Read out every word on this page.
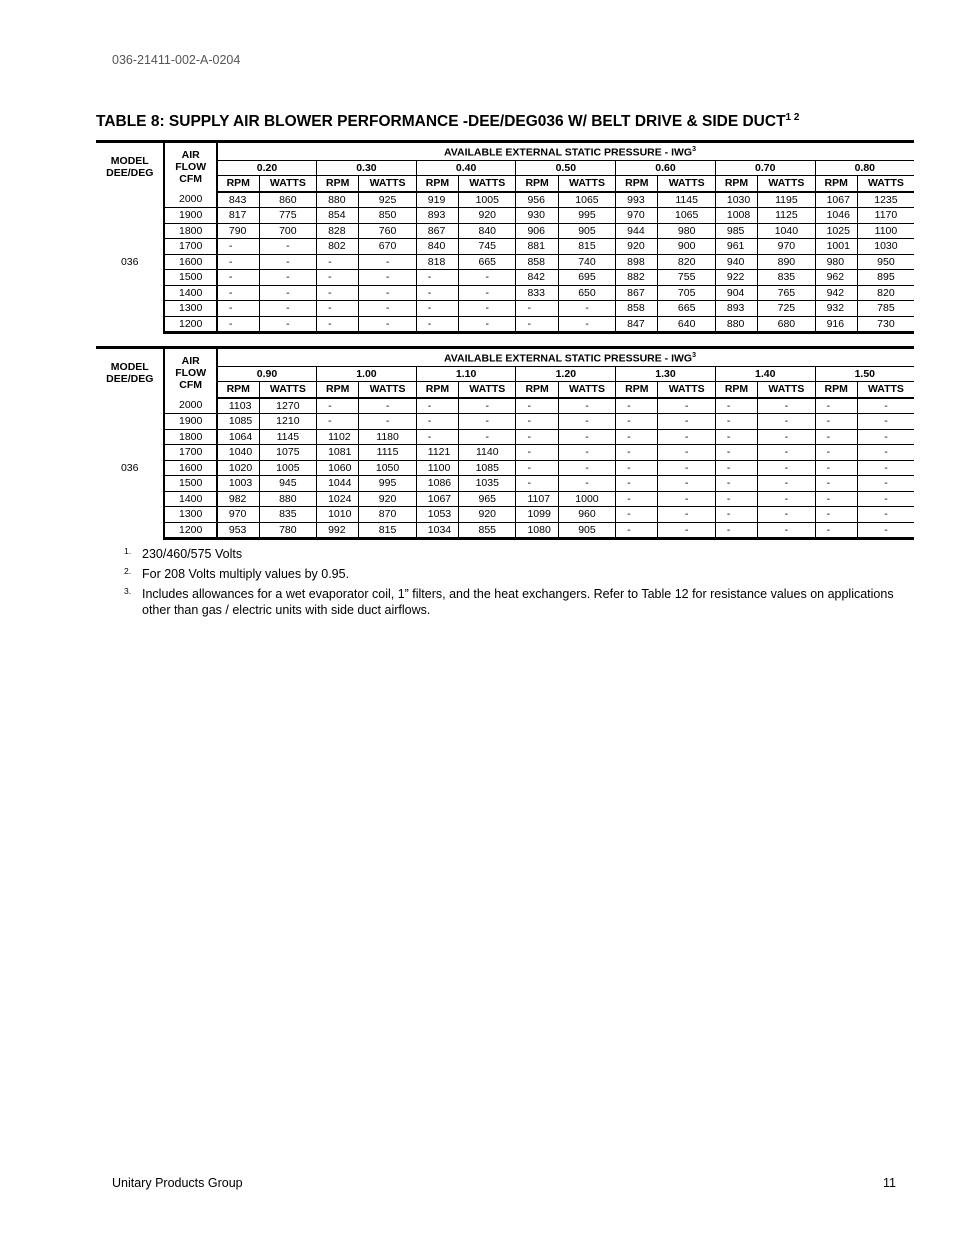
036-21411-002-A-0204
TABLE 8: SUPPLY AIR BLOWER PERFORMANCE -DEE/DEG036 W/ BELT DRIVE & SIDE $DUCT^{1 2}$
MODEL
DEE/DEG	AIR
FLOW
CFM	AVAILABLE EXTERNAL STATIC PRESSURE - IWG$^3$
		0.20		0.30		0.40		0.50		0.60		0.70		0.80	
		RPM	WATTS	RPM	WATTS	RPM	WATTS	RPM	WATTS	RPM	WATTS	RPM	WATTS	RPM	WATTS
036	2000	843	860	880	925	919	1005	956	1065	993	1145	1030	1195	1067	1235
	1900	817	775	854	850	893	920	930	995	970	1065	1008	1125	1046	1170
	1800	790	700	828	760	867	840	906	905	944	980	985	1040	1025	1100
	1700	-	-	802	670	840	745	881	815	920	900	961	970	1001	1030
	1600	-	-	-	-	818	665	858	740	898	820	940	890	980	950
	1500	-	-	-	-	-	-	842	695	882	755	922	835	962	895
	1400	-	-	-	-	-	-	833	650	867	705	904	765	942	820
	1300	-	-	-	-	-	-	-	-	858	665	893	725	932	785
	1200	-	-	-	-	-	-	-	-	847	640	880	680	916	730
MODEL
DEE/DEG	AIR
FLOW
CFM	AVAILABLE EXTERNAL STATIC PRESSURE - IWG$^3$
		0.90		1.00		1.10		1.20		1.30		1.40		1.50	
		RPM	WATTS	RPM	WATTS	RPM	WATTS	RPM	WATTS	RPM	WATTS	RPM	WATTS	RPM	WATTS
036	2000	1103	1270	-	-	-	-	-	-	-	-	-	-	-	-
	1900	1085	1210	-	-	-	-	-	-	-	-	-	-	-	-
	1800	1064	1145	1102	1180	-	-	-	-	-	-	-	-	-	-
	1700	1040	1075	1081	1115	1121	1140	-	-	-	-	-	-	-	-
	1600	1020	1005	1060	1050	1100	1085	-	-	-	-	-	-	-	-
	1500	1003	945	1044	995	1086	1035	-	-	-	-	-	-	-	-
	1400	982	880	1024	920	1067	965	1107	1000	-	-	-	-	-	-
	1300	970	835	1010	870	1053	920	1099	960	-	-	-	-	-	-
	1200	953	780	992	815	1034	855	1080	905	-	-	-	-	-	-
1. 230/460/575 Volts
2. For 208 Volts multiply values by 0.95.
3. Includes allowances for a wet evaporator coil, 1” filters, and the heat exchangers. Refer to Table 12 for resistance values on applications other than gas / electric units with side duct airflows.
Unitary Products Group	11
